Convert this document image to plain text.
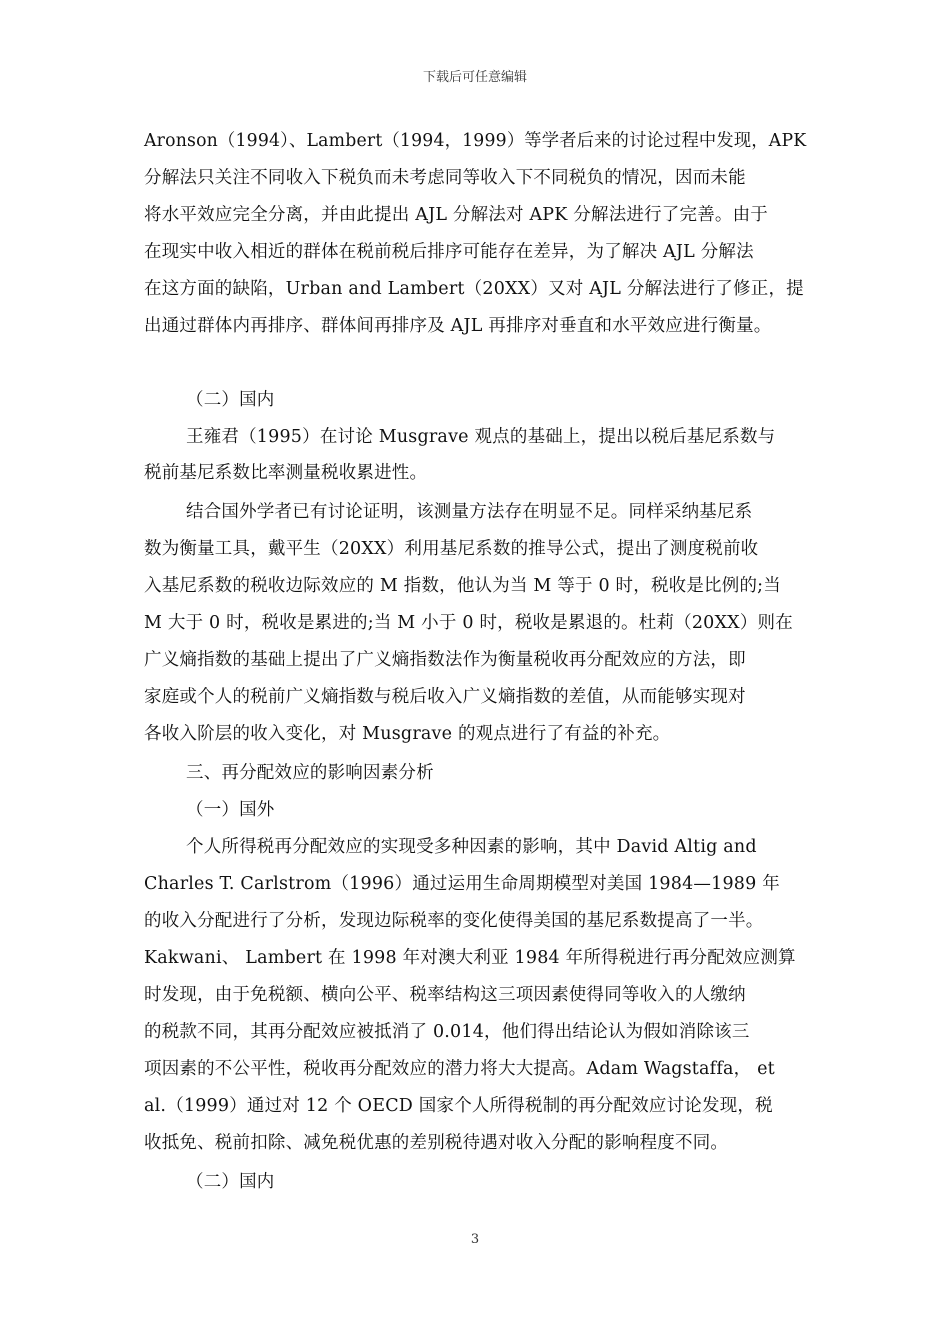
下载后可任意编辑
Aronson（1994）、Lambert（1994，1999）等学者后来的讨论过程中发现，APK
分解法只关注不同收入下税负而未考虑同等收入下不同税负的情况，因而未能
将水平效应完全分离，并由此提出 AJL 分解法对 APK 分解法进行了完善。由于
在现实中收入相近的群体在税前税后排序可能存在差异，为了解决 AJL 分解法
在这方面的缺陷，Urban and Lambert（20XX）又对 AJL 分解法进行了修正，提
出通过群体内再排序、群体间再排序及 AJL 再排序对垂直和水平效应进行衡量。
（二）国内
王雍君（1995）在讨论 Musgrave 观点的基础上，提出以税后基尼系数与
税前基尼系数比率测量税收累进性。
结合国外学者已有讨论证明，该测量方法存在明显不足。同样采纳基尼系
数为衡量工具，戴平生（20XX）利用基尼系数的推导公式，提出了测度税前收
入基尼系数的税收边际效应的 M 指数，他认为当 M 等于 0 时，税收是比例的;当
M 大于 0 时，税收是累进的;当 M 小于 0 时，税收是累退的。杜莉（20XX）则在
广义熵指数的基础上提出了广义熵指数法作为衡量税收再分配效应的方法，即
家庭或个人的税前广义熵指数与税后收入广义熵指数的差值，从而能够实现对
各收入阶层的收入变化，对 Musgrave 的观点进行了有益的补充。
三、再分配效应的影响因素分析
（一）国外
个人所得税再分配效应的实现受多种因素的影响，其中 David Altig and
Charles T. Carlstrom（1996）通过运用生命周期模型对美国 1984—1989 年
的收入分配进行了分析，发现边际税率的变化使得美国的基尼系数提高了一半。
Kakwani、 Lambert 在 1998 年对澳大利亚 1984 年所得税进行再分配效应测算
时发现，由于免税额、横向公平、税率结构这三项因素使得同等收入的人缴纳
的税款不同，其再分配效应被抵消了 0.014，他们得出结论认为假如消除该三
项因素的不公平性，税收再分配效应的潜力将大大提高。Adam Wagstaffa， et
al.（1999）通过对 12 个 OECD 国家个人所得税制的再分配效应讨论发现，税
收抵免、税前扣除、减免税优惠的差别税待遇对收入分配的影响程度不同。
（二）国内
3
